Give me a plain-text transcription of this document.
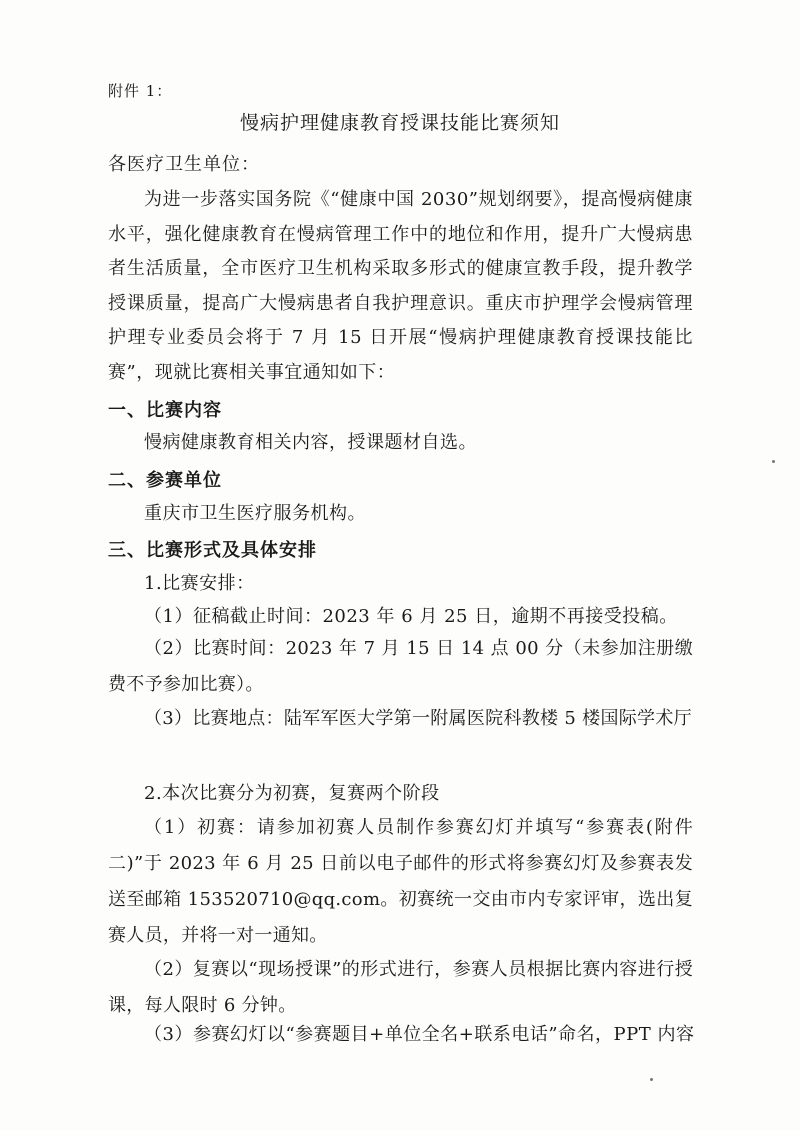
附件 1：
慢病护理健康教育授课技能比赛须知
各医疗卫生单位：

为进一步落实国务院《“健康中国 2030”规划纲要》，提高慢病健康水平，强化健康教育在慢病管理工作中的地位和作用，提升广大慢病患者生活质量，全市医疗卫生机构采取多形式的健康宣教手段，提升教学授课质量，提高广大慢病患者自我护理意识。重庆市护理学会慢病管理护理专业委员会将于 7 月 15 日开展“慢病护理健康教育授课技能比赛”，现就比赛相关事宜通知如下：

一、比赛内容
慢病健康教育相关内容，授课题材自选。
二、参赛单位
重庆市卫生医疗服务机构。
三、比赛形式及具体安排
1.比赛安排：
（1）征稿截止时间：2023 年 6 月 25 日，逾期不再接受投稿。

（2）比赛时间：2023 年 7 月 15 日 14 点 00 分（未参加注册缴费不予参加比赛）。

（3）比赛地点：陆军军医大学第一附属医院科教楼 5 楼国际学术厅

2.本次比赛分为初赛，复赛两个阶段

（1）初赛：请参加初赛人员制作参赛幻灯并填写“参赛表(附件二)”于 2023 年 6 月 25 日前以电子邮件的形式将参赛幻灯及参赛表发送至邮箱 153520710@qq.com。初赛统一交由市内专家评审，选出复赛人员，并将一对一通知。

（2）复赛以“现场授课”的形式进行，参赛人员根据比赛内容进行授课，每人限时 6 分钟。

（3）参赛幻灯以“参赛题目+单位全名+联系电话”命名，PPT 内容
